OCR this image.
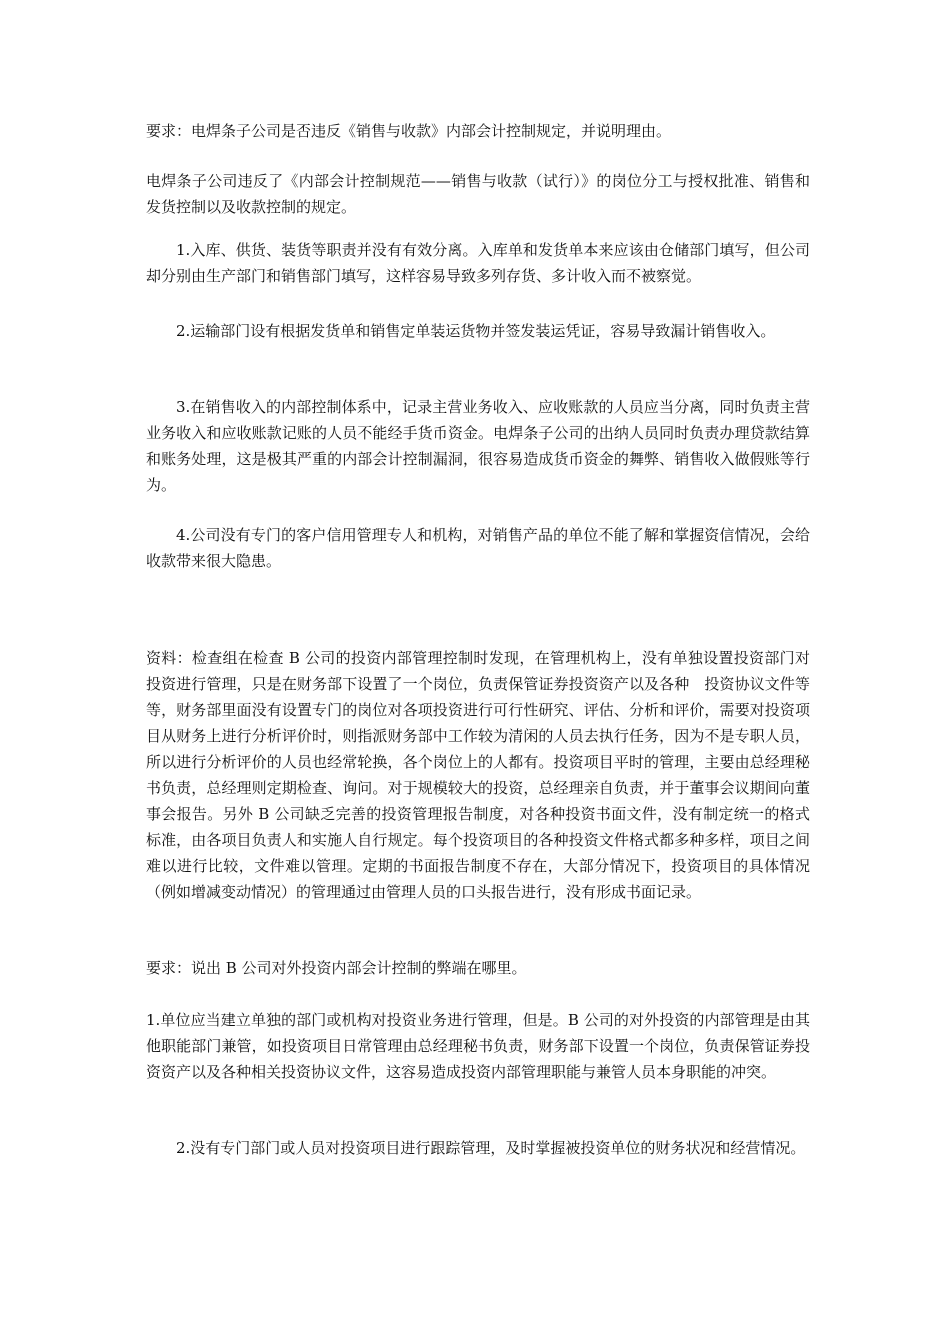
要求：电焊条子公司是否违反《销售与收款》内部会计控制规定，并说明理由。

电焊条子公司违反了《内部会计控制规范——销售与收款（试行）》的岗位分工与授权批准、销售和发货控制以及收款控制的规定。

1.入库、供货、装货等职责并没有有效分离。入库单和发货单本来应该由仓储部门填写，但公司却分别由生产部门和销售部门填写，这样容易导致多列存货、多计收入而不被察觉。

2.运输部门设有根据发货单和销售定单装运货物并签发装运凭证，容易导致漏计销售收入。

3.在销售收入的内部控制体系中，记录主营业务收入、应收账款的人员应当分离，同时负责主营业务收入和应收账款记账的人员不能经手货币资金。电焊条子公司的出纳人员同时负责办理贷款结算和账务处理，这是极其严重的内部会计控制漏洞，很容易造成货币资金的舞弊、销售收入做假账等行为。

4.公司没有专门的客户信用管理专人和机构，对销售产品的单位不能了解和掌握资信情况，会给收款带来很大隐患。

资料：检查组在检查 B 公司的投资内部管理控制时发现，在管理机构上，没有单独设置投资部门对投资进行管理，只是在财务部下设置了一个岗位，负责保管证券投资资产以及各种　投资协议文件等等，财务部里面没有设置专门的岗位对各项投资进行可行性研究、评估、分析和评价，需要对投资项目从财务上进行分析评价时，则指派财务部中工作较为清闲的人员去执行任务，因为不是专职人员，所以进行分析评价的人员也经常轮换，各个岗位上的人都有。投资项目平时的管理，主要由总经理秘书负责，总经理则定期检查、询问。对于规模较大的投资，总经理亲自负责，并于董事会议期间向董事会报告。另外 B 公司缺乏完善的投资管理报告制度，对各种投资书面文件，没有制定统一的格式标准，由各项目负责人和实施人自行规定。每个投资项目的各种投资文件格式都多种多样，项目之间难以进行比较，文件难以管理。定期的书面报告制度不存在，大部分情况下，投资项目的具体情况（例如增减变动情况）的管理通过由管理人员的口头报告进行，没有形成书面记录。

要求：说出 B 公司对外投资内部会计控制的弊端在哪里。

1.单位应当建立单独的部门或机构对投资业务进行管理，但是。B 公司的对外投资的内部管理是由其他职能部门兼管，如投资项目日常管理由总经理秘书负责，财务部下设置一个岗位，负责保管证券投资资产以及各种相关投资协议文件，这容易造成投资内部管理职能与兼管人员本身职能的冲突。

2.没有专门部门或人员对投资项目进行跟踪管理，及时掌握被投资单位的财务状况和经营情况。
